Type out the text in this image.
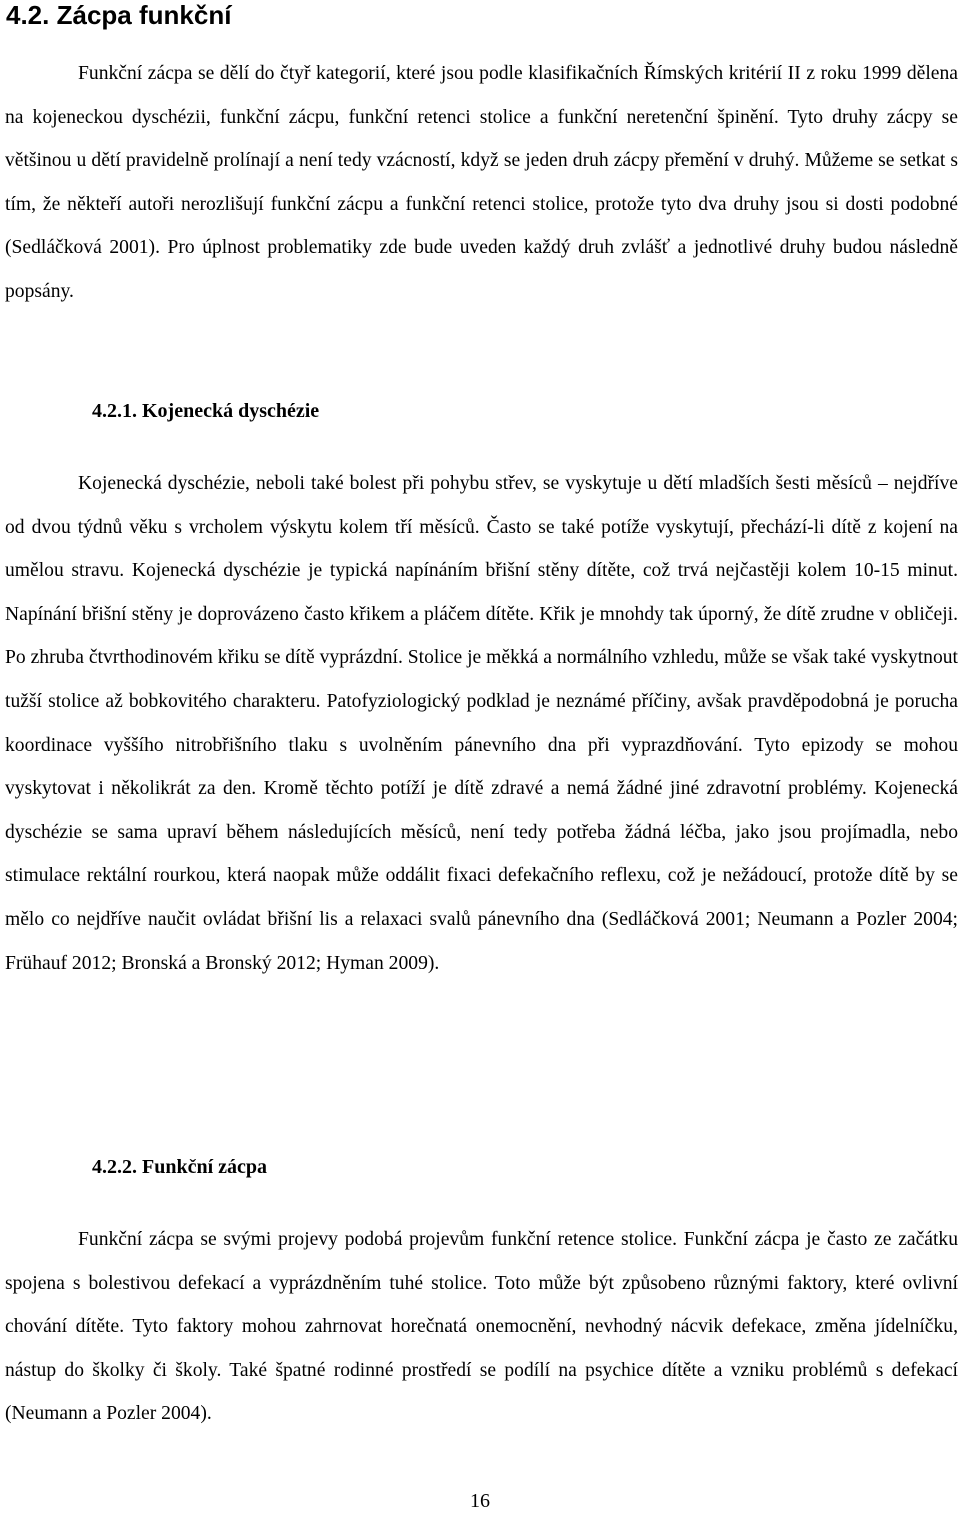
4.2. Zácpa funkční

Funkční zácpa se dělí do čtyř kategorií, které jsou podle klasifikačních Římských kritérií II z roku 1999 dělena na kojeneckou dyschézii, funkční zácpu, funkční retenci stolice a funkční neretenční špinění. Tyto druhy zácpy se většinou u dětí pravidelně prolínají a není tedy vzácností, když se jeden druh zácpy přemění v druhý. Můžeme se setkat s tím, že někteří autoři nerozlišují funkční zácpu a funkční retenci stolice, protože tyto dva druhy jsou si dosti podobné (Sedláčková 2001). Pro úplnost problematiky zde bude uveden každý druh zvlášť a jednotlivé druhy budou následně popsány.

4.2.1. Kojenecká dyschézie

Kojenecká dyschézie, neboli také bolest při pohybu střev, se vyskytuje u dětí mladších šesti měsíců – nejdříve od dvou týdnů věku s vrcholem výskytu kolem tří měsíců. Často se také potíže vyskytují, přechází-li dítě z kojení na umělou stravu. Kojenecká dyschézie je typická napínáním břišní stěny dítěte, což trvá nejčastěji kolem 10-15 minut. Napínání břišní stěny je doprovázeno často křikem a pláčem dítěte. Křik je mnohdy tak úporný, že dítě zrudne v obličeji. Po zhruba čtvrthodinovém křiku se dítě vyprázdní. Stolice je měkká a normálního vzhledu, může se však také vyskytnout tužší stolice až bobkovitého charakteru. Patofyziologický podklad je neznámé příčiny, avšak pravděpodobná je porucha koordinace vyššího nitrobřišního tlaku s uvolněním pánevního dna při vyprazdňování. Tyto epizody se mohou vyskytovat i několikrát za den. Kromě těchto potíží je dítě zdravé a nemá žádné jiné zdravotní problémy. Kojenecká dyschézie se sama upraví během následujících měsíců, není tedy potřeba žádná léčba, jako jsou projímadla, nebo stimulace rektální rourkou, která naopak může oddálit fixaci defekačního reflexu, což je nežádoucí, protože dítě by se mělo co nejdříve naučit ovládat břišní lis a relaxaci svalů pánevního dna (Sedláčková 2001; Neumann a Pozler 2004; Frühauf 2012; Bronská a Bronský 2012; Hyman 2009).

4.2.2. Funkční zácpa

Funkční zácpa se svými projevy podobá projevům funkční retence stolice. Funkční zácpa je často ze začátku spojena s bolestivou defekací a vyprázdněním tuhé stolice. Toto může být způsobeno různými faktory, které ovlivní chování dítěte. Tyto faktory mohou zahrnovat horečnatá onemocnění, nevhodný nácvik defekace, změna jídelníčku, nástup do školky či školy. Také špatné rodinné prostředí se podílí na psychice dítěte a vzniku problémů s defekací (Neumann a Pozler 2004).

16
